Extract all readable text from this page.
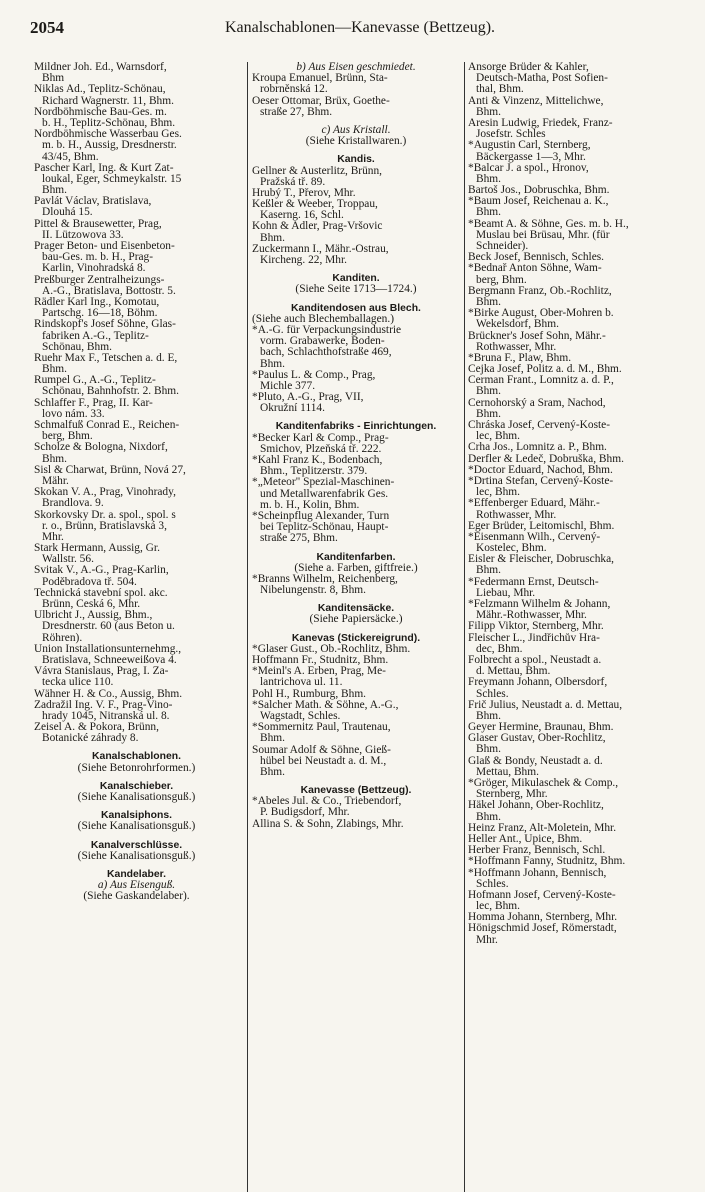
2054	Kanalschablonen—Kanevasse (Bettzeug).
Mildner Joh. Ed., Warnsdorf,
Bhm
Niklas Ad., Teplitz-Schönau,
Richard Wagnerstr. 11, Bhm.
Nordböhmische Bau-Ges. m.
b. H., Teplitz-Schönau, Bhm.
Nordböhmische Wasserbau Ges.
m. b. H., Aussig, Dresdnerstr.
43/45, Bhm.
Pascher Karl, Ing. & Kurt Zat-
loukal, Eger, Schmeykalstr. 15
Bhm.
Pavlát Václav, Bratislava,
Dlouhá 15.
Pittel & Brausewetter, Prag,
II. Lützowova 33.
Prager Beton- und Eisenbeton-
bau-Ges. m. b. H., Prag-
Karlin, Vinohradská 8.
Preßburger Zentralheizungs-
A.-G., Bratislava, Bottostr. 5.
Rädler Karl Ing., Komotau,
Partschg. 16—18, Böhm.
Rindskopf's Josef Söhne, Glas-
fabriken A.-G., Teplitz-
Schönau, Bhm.
Ruehr Max F., Tetschen a. d. E,
Bhm.
Rumpel G., A.-G., Teplitz-
Schönau, Bahnhofstr. 2. Bhm.
Schlaffer F., Prag, II. Kar-
lovo nám. 33.
Schmalfuß Conrad E., Reichen-
berg, Bhm.
Scholze & Bologna, Nixdorf,
Bhm.
Sisl & Charwat, Brünn, Nová 27,
Mähr.
Skokan V. A., Prag, Vinohrady,
Brandlova. 9.
Skorkovsky Dr. a. spol., spol. s
r. o., Brünn, Bratislavská 3,
Mhr.
Stark Hermann, Aussig, Gr.
Wallstr. 56.
Svitak V., A.-G., Prag-Karlin,
Poděbradova tř. 504.
Technická stavební spol. akc.
Brünn, Česká 6, Mhr.
Ulbricht J., Aussig, Bhm.,
Dresdnerstr. 60 (aus Beton u.
Röhren).
Union Installationsunternehmg.,
Bratislava, Schneeweißova 4.
Vávra Stanislaus, Prag, I. Za-
tecka ulice 110.
Wähner H. & Co., Aussig, Bhm.
Zadražil Ing. V. F., Prag-Vino-
hrady 1045, Nitranská ul. 8.
Zeisel A. & Pokora, Brünn,
Botanické záhrady 8.
Kanalschablonen.
(Siehe Betonrohrformen.)
Kanalschieber.
(Siehe Kanalisationsguß.)
Kanalsiphons.
(Siehe Kanalisationsguß.)
Kanalverschlüsse.
(Siehe Kanalisationsguß.)
Kandelaber.
a) Aus Eisenguß.
(Siehe Gaskandelaber).
b) Aus Eisen geschmiedet.
Kroupa Emanuel, Brünn, Sta-
robrněnská 12.
Oeser Ottomar, Brüx, Goethe-
straße 27, Bhm.
c) Aus Kristall.
(Siehe Kristallwaren.)
Kandis.
Gellner & Austerlitz, Brünn,
Pražská tř. 89.
Hrubý T., Přerov, Mhr.
Keßler & Weeber, Troppau,
Kaserng. 16, Schl.
Kohn & Adler, Prag-Vršovic
Bhm.
Zuckermann I., Mähr.-Ostrau,
Kircheng. 22, Mhr.
Kanditen.
(Siehe Seite 1713—1724.)
Kanditendosen aus Blech.
(Siehe auch Blechemballagen.)
*A.-G. für Verpackungsindustrie
vorm. Grabawerke, Boden-
bach, Schlachthofstraße 469,
Bhm.
*Paulus L. & Comp., Prag,
Michle 377.
*Pluto, A.-G., Prag, VII,
Okružní 1114.
Kanditenfabriks - Einrichtungen.
*Becker Karl & Comp., Prag-
Smichov, Plzeňská tř. 222.
*Kahl Franz K., Bodenbach,
Bhm., Teplitzerstr. 379.
*„Meteor" Spezial-Maschinen-
und Metallwarenfabrik Ges.
m. b. H., Kolin, Bhm.
*Scheinpflug Alexander, Turn
bei Teplitz-Schönau, Haupt-
straße 275, Bhm.
Kanditenfarben.
(Siehe a. Farben, giftfreie.)
*Branns Wilhelm, Reichenberg,
Nibelungenstr. 8, Bhm.
Kanditensäcke.
(Siehe Papiersäcke.)
Kanevas (Stickereigrund).
*Glaser Gust., Ob.-Rochlitz, Bhm.
Hoffmann Fr., Studnitz, Bhm.
*Meinl's A. Erben, Prag, Me-
lantrichova ul. 11.
Pohl H., Rumburg, Bhm.
*Salcher Math. & Söhne, A.-G.,
Wagstadt, Schles.
*Sommernitz Paul, Trautenau,
Bhm.
Soumar Adolf & Söhne, Gieß-
hübel bei Neustadt a. d. M.,
Bhm.
Kanevasse (Bettzeug).
*Abeles Jul. & Co., Triebendorf,
P. Budigsdorf, Mhr.
Allina S. & Sohn, Zlabings, Mhr.
Ansorge Brüder & Kahler,
Deutsch-Matha, Post Sofien-
thal, Bhm.
Anti & Vinzenz, Mittelichwe,
Bhm.
Aresin Ludwig, Friedek, Franz-
Josefstr. Schles
*Augustin Carl, Sternberg,
Bäckergasse 1—3, Mhr.
*Balcar J. a spol., Hronov,
Bhm.
Bartoš Jos., Dobruschka, Bhm.
*Baum Josef, Reichenau a. K.,
Bhm.
*Beamt A. & Söhne, Ges. m. b. H.,
Muslau bei Brüsau, Mhr. (für
Schneider).
Beck Josef, Bennisch, Schles.
*Bednař Anton Söhne, Wam-
berg, Bhm.
Bergmann Franz, Ob.-Rochlitz,
Bhm.
*Birke August, Ober-Mohren b.
Wekelsdorf, Bhm.
Brückner's Josef Sohn, Mähr.-
Rothwasser, Mhr.
*Bruna F., Plaw, Bhm.
Cejka Josef, Politz a. d. M., Bhm.
Čerman Frant., Lomnitz a. d. P.,
Bhm.
Černohorský a Šram, Nachod,
Bhm.
Chráska Josef, Červený-Koste-
lec, Bhm.
Crha Jos., Lomnitz a. P., Bhm.
Derfler & Ledeč, Dobruška, Bhm.
*Doctor Eduard, Nachod, Bhm.
*Drtina Stefan, Červený-Koste-
lec, Bhm.
*Effenberger Eduard, Mähr.-
Rothwasser, Mhr.
Eger Brüder, Leitomischl, Bhm.
*Eisenmann Wilh., Červený-
Kostelec, Bhm.
Eisler & Fleischer, Dobruschka,
Bhm.
*Federmann Ernst, Deutsch-
Liebau, Mhr.
*Felzmann Wilhelm & Johann,
Mähr.-Rothwasser, Mhr.
Filipp Viktor, Sternberg, Mhr.
Fleischer L., Jindřichův Hra-
dec, Bhm.
Folbrecht a spol., Neustadt a.
d. Mettau, Bhm.
Freymann Johann, Olbersdorf,
Schles.
Frič Julius, Neustadt a. d. Mettau,
Bhm.
Geyer Hermine, Braunau, Bhm.
Glaser Gustav, Ober-Rochlitz,
Bhm.
Glaß & Bondy, Neustadt a. d.
Mettau, Bhm.
*Gröger, Mikulaschek & Comp.,
Sternberg, Mhr.
Häkel Johann, Ober-Rochlitz,
Bhm.
Heinz Franz, Alt-Moletein, Mhr.
Heller Ant., Upice, Bhm.
Herber Franz, Bennisch, Schl.
*Hoffmann Fanny, Studnitz, Bhm.
*Hoffmann Johann, Bennisch,
Schles.
Hofmann Josef, Červený-Koste-
lec, Bhm.
Homma Johann, Sternberg, Mhr.
Hönigschmid Josef, Römerstadt,
Mhr.
